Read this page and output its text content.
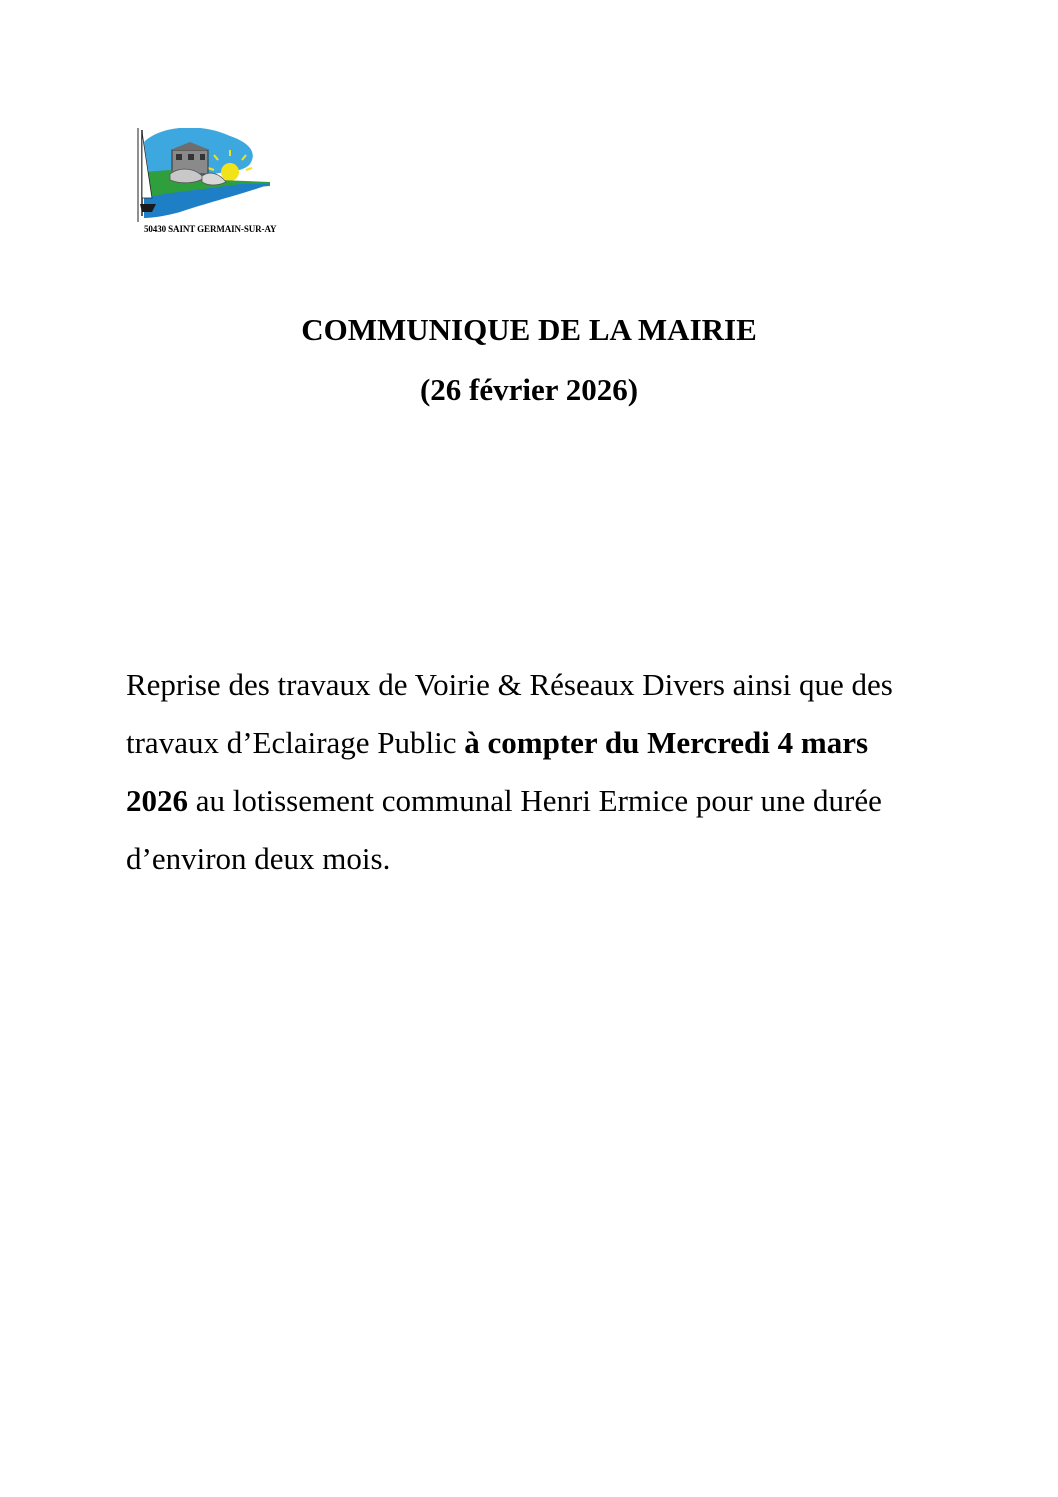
50430 SAINT GERMAIN-SUR-AY
COMMUNIQUE DE LA MAIRIE
(26 février 2026)

Reprise des travaux de Voirie & Réseaux Divers ainsi que des travaux d’Eclairage Public à compter du Mercredi 4 mars 2026 au lotissement communal Henri Ermice pour une durée d’environ deux mois.
